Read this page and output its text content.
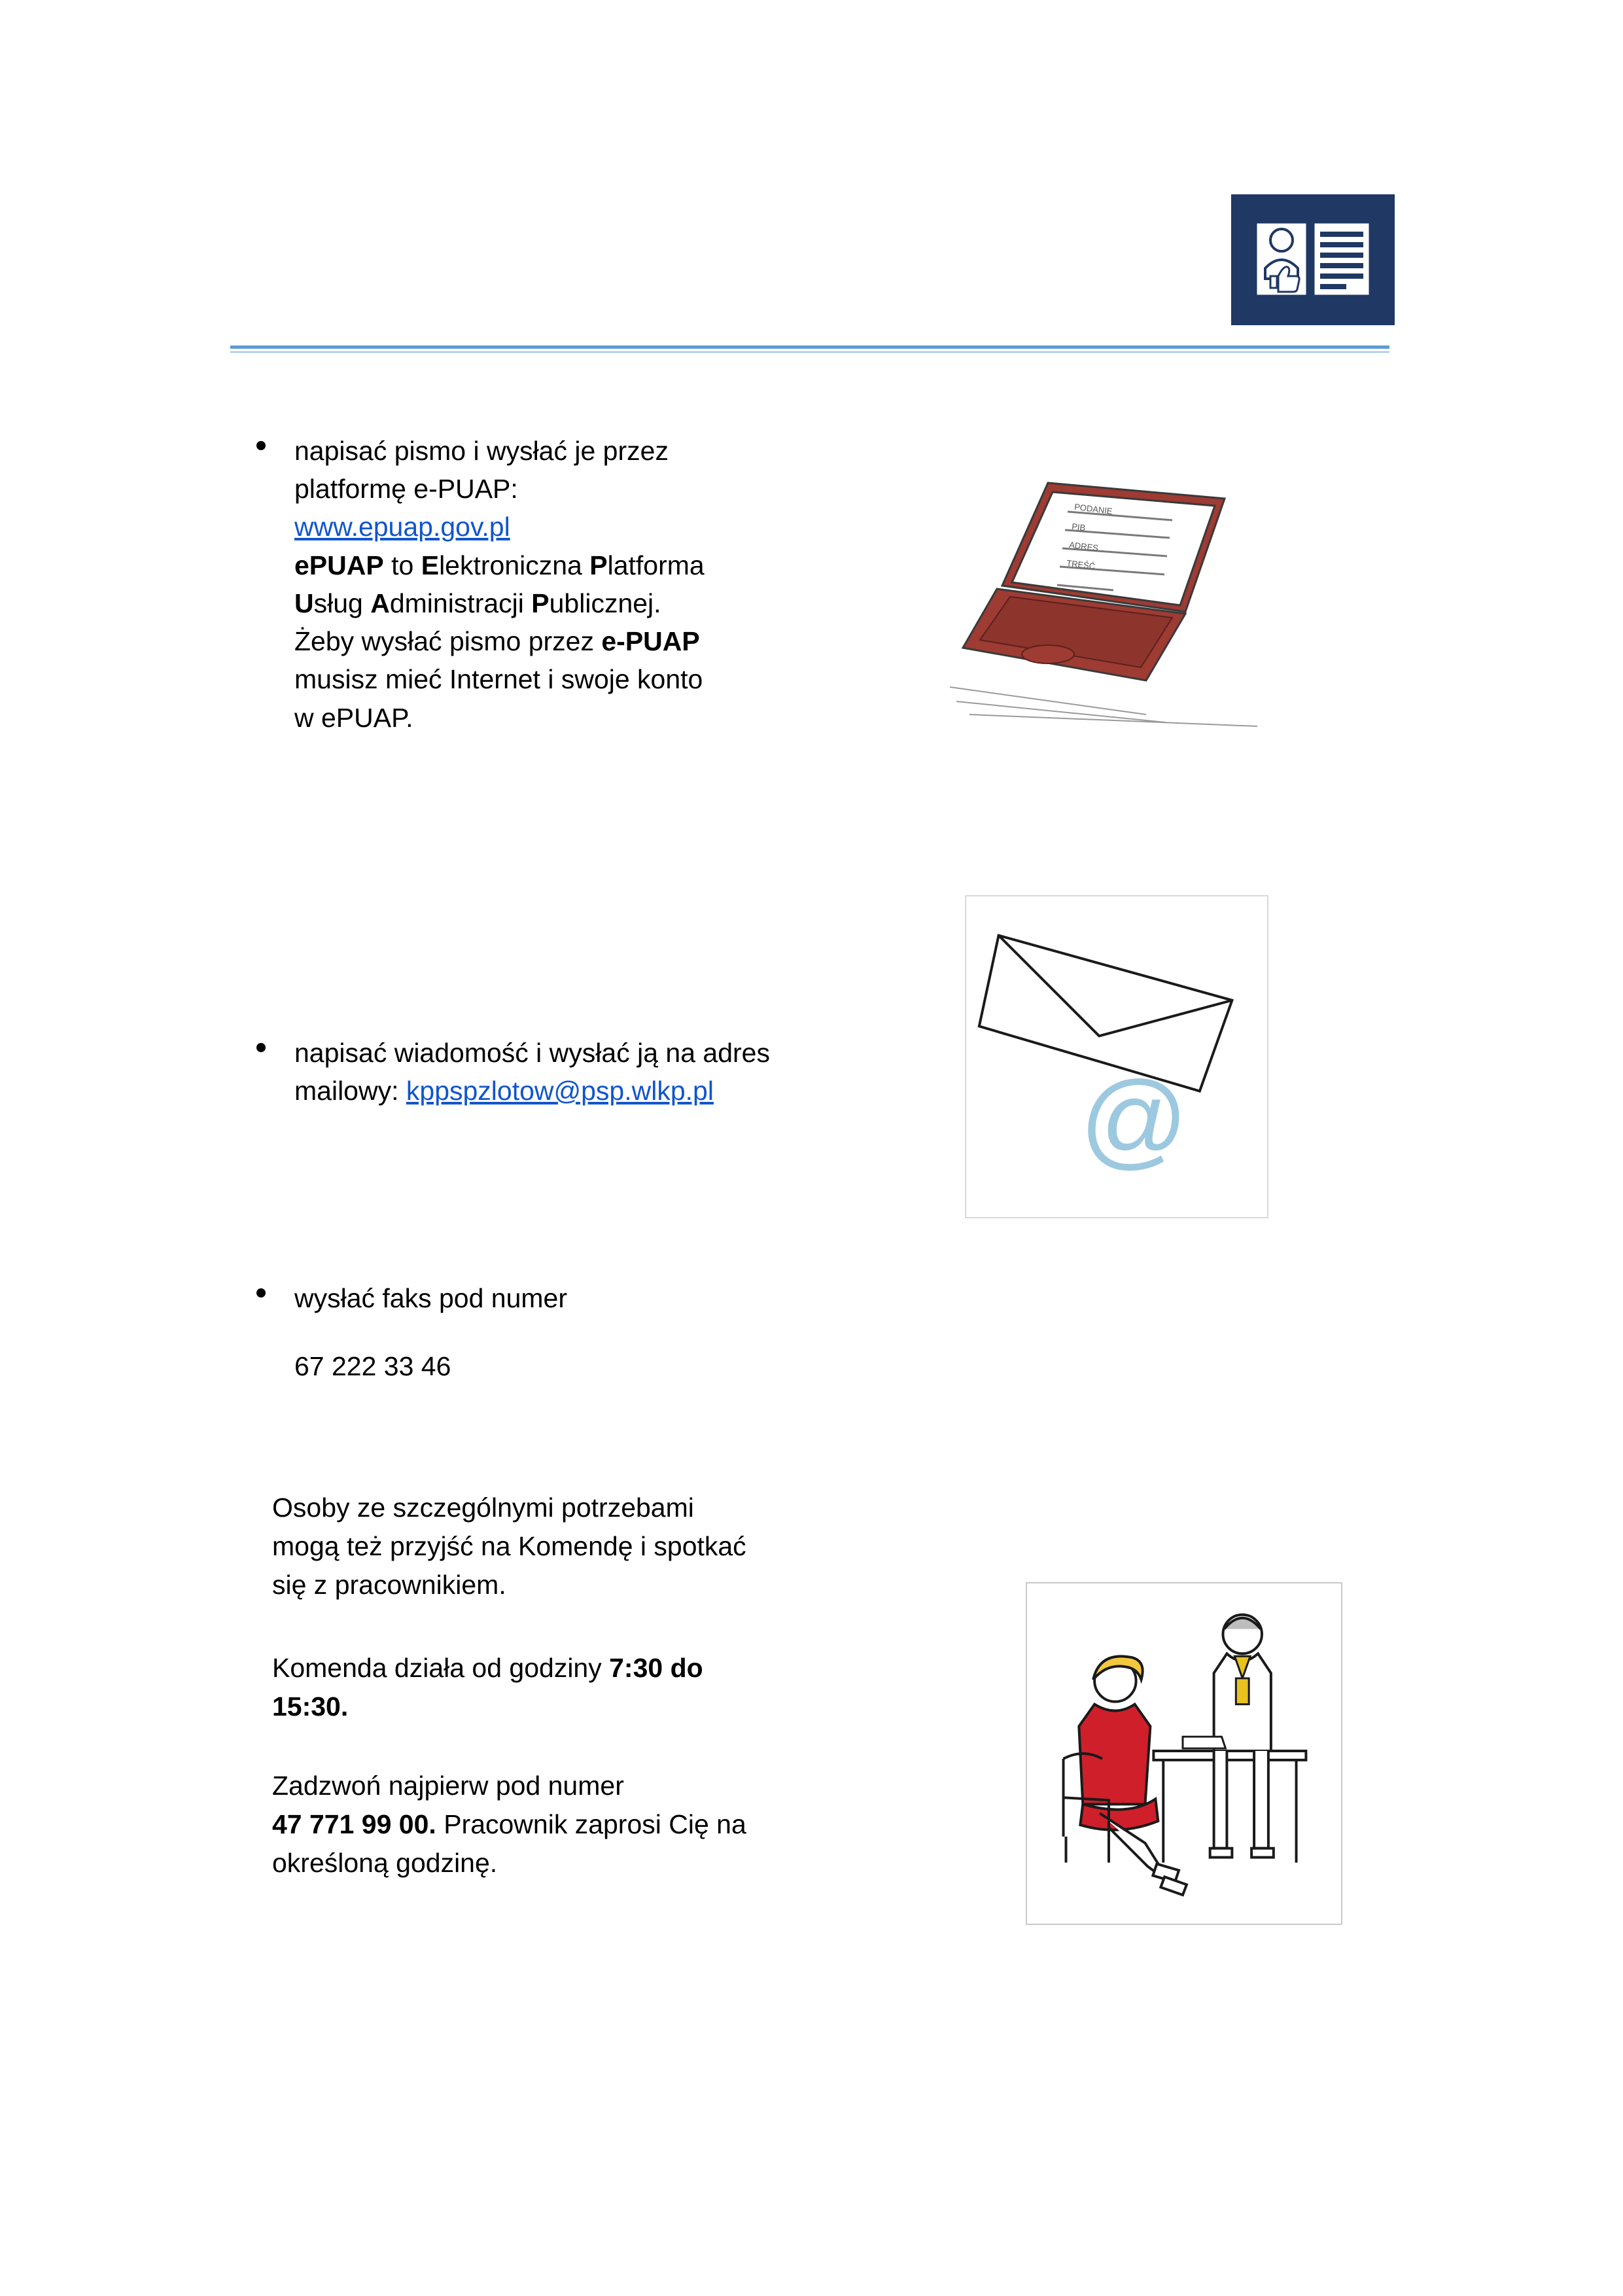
napisać pismo i wysłać je przez
platformę e-PUAP:
www.epuap.gov.pl
ePUAP to Elektroniczna Platforma
Usług Administracji Publicznej.
Żeby wysłać pismo przez e-PUAP
musisz mieć Internet i swoje konto
w ePUAP.
napisać wiadomość i wysłać ją na adres
mailowy: kppspzlotow@psp.wlkp.pl
wysłać faks pod numer
67 222 33 46
Osoby ze szczególnymi potrzebami
mogą też przyjść na Komendę i spotkać
się z pracownikiem.
Komenda działa od godziny 7:30 do
15:30.
Zadzwoń najpierw pod numer
47 771 99 00. Pracownik zaprosi Cię na
określoną godzinę.
PODANIE
PIB
ADRES
TREŚĆ
@
